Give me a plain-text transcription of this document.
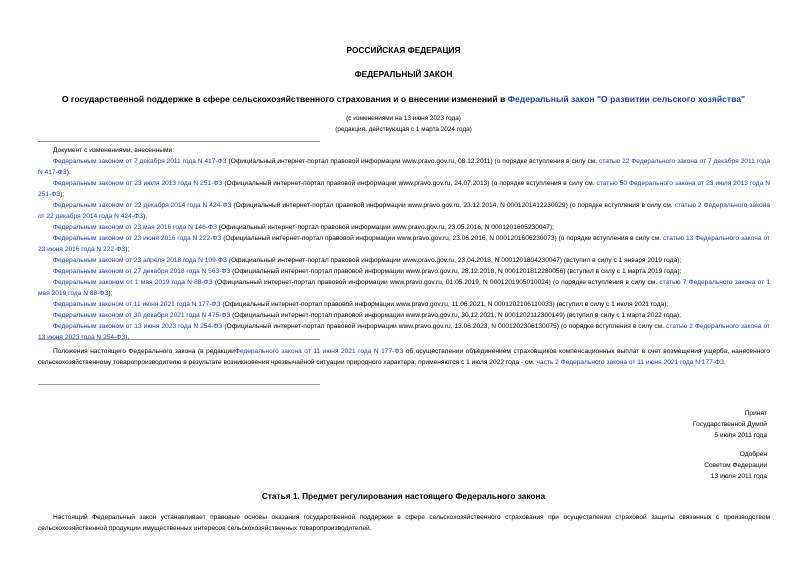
РОССИЙСКАЯ ФЕДЕРАЦИЯ
ФЕДЕРАЛЬНЫЙ ЗАКОН
О государственной поддержке в сфере сельскохозяйственного страхования и о внесении изменений в Федеральный закон "О развитии сельского хозяйства"
(с изменениями на 13 июня 2023 года)
(редакция, действующая с 1 марта 2024 года)

Документ с изменениями, внесенными:

Федеральным законом от 7 декабря 2011 года N 417-ФЗ (Официальный интернет-портал правовой информации www.pravo.gov.ru, 08.12.2011) (о порядке вступления в силу см. статью 22 Федерального закона от 7 декабря 2011 года N 417-ФЗ);

Федеральным законом от 23 июля 2013 года N 251-ФЗ (Официальный интернет-портал правовой информации www.pravo.gov.ru, 24.07.2013) (о порядке вступления в силу см. статью 50 Федерального закона от 23 июля 2013 года N 251-ФЗ);

Федеральным законом от 22 декабря 2014 года N 424-ФЗ (Официальный интернет-портал правовой информации www.pravo.gov.ru, 23.12.2014, N 0001201412230029) (о порядке вступления в силу см. статью 2 Федерального закона от 22 декабря 2014 года N 424-ФЗ);

Федеральным законом от 23 мая 2016 года N 146-ФЗ (Официальный интернет-портал правовой информации www.pravo.gov.ru, 23.05.2016, N 0001201605230047);

Федеральным законом от 23 июня 2016 года N 222-ФЗ (Официальный интернет-портал правовой информации www.pravo.gov.ru, 23.06.2016, N 0001201606230073) (о порядке вступления в силу см. статью 13 Федерального закона от 23 июня 2016 года N 222-ФЗ);

Федеральным законом от 23 апреля 2018 года N 109-ФЗ (Официальный интернет-портал правовой информации www.pravo.gov.ru, 23.04.2018, N 0001201804230047) (вступил в силу с 1 января 2019 года);

Федеральным законом от 27 декабря 2018 года N 563-ФЗ (Официальный интернет-портал правовой информации www.pravo.gov.ru, 28.12.2018, N 0001201812280056) (вступил в силу с 1 марта 2019 года);

Федеральным законом от 1 мая 2019 года N 88-ФЗ (Официальный интернет-портал правовой информации www.pravo.gov.ru, 01.05.2019, N 0001201905010024) (о порядке вступления в силу см. статью 7 Федерального закона от 1 мая 2019 года N 88-ФЗ);

Федеральным законом от 11 июня 2021 года N 177-ФЗ (Официальный интернет-портал правовой информации www.pravo.gov.ru, 11.06.2021, N 0001202106110033) (вступил в силу с 1 июля 2021 года);

Федеральным законом от 30 декабря 2021 года N 475-ФЗ (Официальный интернет-портал правовой информации www.pravo.gov.ru, 30.12.2021, N 0001202112300149) (вступил в силу с 1 марта 2022 года);

Федеральным законом от 13 июня 2023 года N 254-ФЗ (Официальный интернет-портал правовой информации www.pravo.gov.ru, 13.06.2023, N 0001202306130075) (о порядке вступления в силу см. статью 2 Федерального закона от 13 июня 2023 года N 254-ФЗ).

Положения настоящего Федерального закона (в редакцииФедерального закона от 11 июня 2021 года N 177-ФЗ об осуществлении объединением страховщиков компенсационных выплат в счет возмещения ущерба, нанесенного сельскохозяйственному товаропроизводителю в результате возникновения чрезвычайной ситуации природного характера, применяются с 1 июля 2022 года - см. часть 2 Федерального закона от 11 июня 2021 года N 177-ФЗ.

Принят
Государственной Думой
5 июля 2011 года
Одобрен
Советом Федерации
13 июля 2011 года
Статья 1. Предмет регулирования настоящего Федерального закона

Настоящий Федеральный закон устанавливает правовые основы оказания государственной поддержки в сфере сельскохозяйственного страхования при осуществлении страховой защиты связанных с производством сельскохозяйственной продукции имущественных интересов сельскохозяйственных товаропроизводителей.
